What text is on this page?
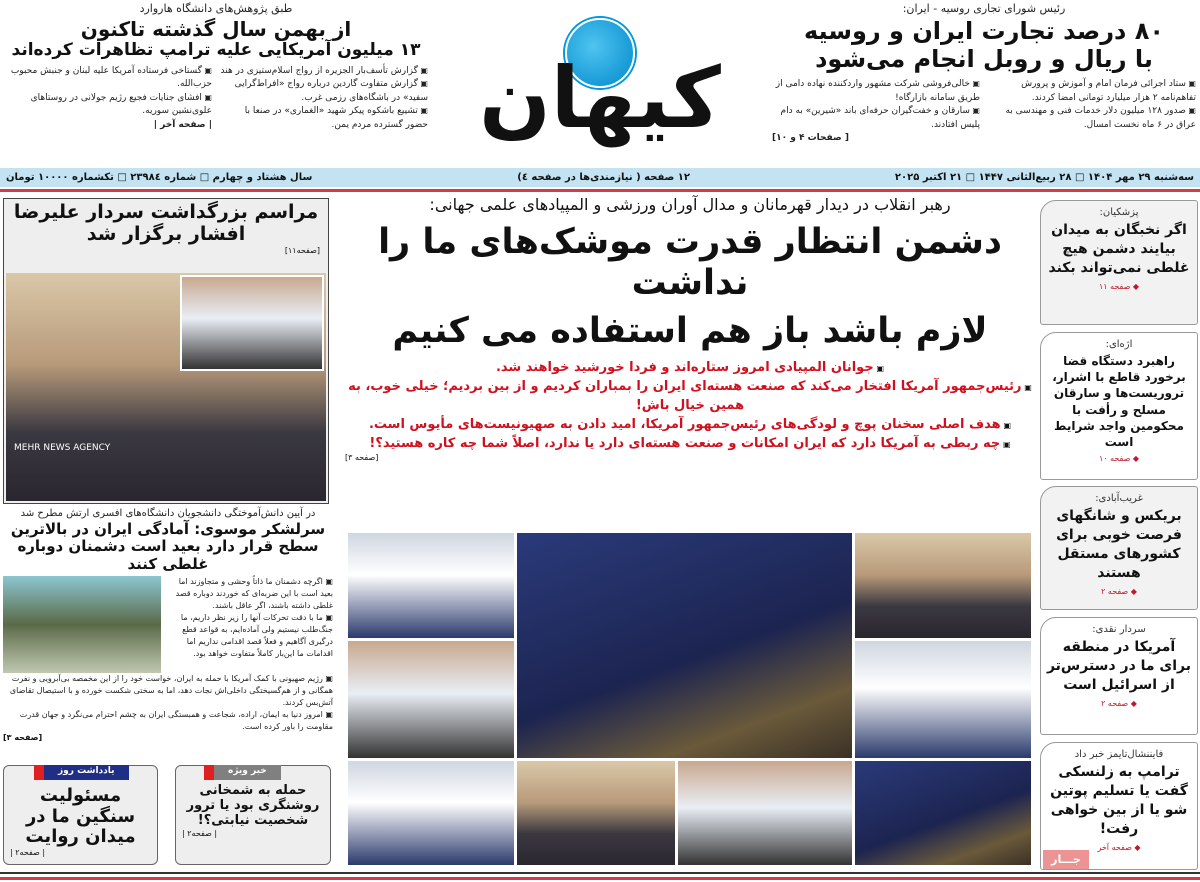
کیهان
رئیس شورای تجاری روسیه - ایران:
۸۰ درصد تجارت ایران و روسیه
با ریال و روبل انجام می‌شود
▣ ستاد اجرائی فرمان امام و آموزش و پرورش تفاهم‌نامه ۲ هزار میلیارد تومانی امضا کردند.
▣ صدور ۱۲۸ میلیون دلار خدمات فنی و مهندسی به عراق در ۶ ماه نخست امسال.
▣ خالی‌فروشی شرکت مشهور واردکننده نهاده دامی از طریق سامانه بازارگاه!
▣ سارقان و خفت‌گیران حرفه‌ای باند «شیرین» به دام پلیس افتادند.
[ صفحات ۴ و ۱۰]
طبق پژوهش‌های دانشگاه هاروارد
از بهمن سال گذشته تاکنون
۱۳ میلیون آمریکایی علیه ترامپ تظاهرات کرده‌اند
▣ گزارش تأسف‌بار الجزیره از رواج اسلام‌ستیزی در هند
▣ گزارش متفاوت گاردین درباره رواج «افراط‌گرایی سفید» در باشگاه‌های رزمی غرب.
▣ تشییع باشکوه پیکر شهید «الغماری» در صنعا با حضور گسترده مردم یمن.
▣ گستاخی فرستاده آمریکا علیه لبنان و جنبش محبوب حزب‌الله.
▣ افشای جنایات فجیع رژیم جولانی در روستاهای علوی‌نشین سوریه.
| صفحه آخر |
سه‌شنبه ۲۹ مهر ۱۴۰۴ □ ۲۸ ربیع‌الثانی ۱۴۴۷ □ ۲۱ اکتبر ۲۰۲۵
۱۲ صفحه ( نیازمندی‌ها در صفحه ٤)
سال هشتاد و چهارم □ شماره ۲۳۹۸٤ □ تکشماره ۱۰۰۰۰ تومان
رهبر انقلاب در دیدار قهرمانان و مدال آوران ورزشی و المپیادهای علمی جهانی:
دشمن انتظار قدرت موشک‌های ما را نداشت
لازم باشد باز هم استفاده می کنیم
▣ جوانان المپیادی امروز ستاره‌اند و فردا خورشید خواهند شد.
▣ رئیس‌جمهور آمریکا افتخار می‌کند که صنعت هسته‌ای ایران را بمباران کردیم و از بین بردیم؛ خیلی خوب، به همین خیال باش!
▣ هدف اصلی سخنان پوچ و لودگی‌های رئیس‌جمهور آمریکا، امید دادن به صهیونیست‌های مأیوس است.
▣ چه ربطی به آمریکا دارد که ایران امکانات و صنعت هسته‌ای دارد یا ندارد، اصلاً شما چه کاره هستید؟!
[صفحه ۳]
پزشکیان:
اگر نخبگان به میدان بیایند دشمن هیچ غلطی نمی‌تواند بکند
◆ صفحه ۱۱
اژه‌ای:
راهبرد دستگاه قضا برخورد قاطع با اشرار، تروریست‌ها و سارقان مسلح و رأفت با محکومین واجد شرایط است
◆ صفحه ۱۰
غریب‌آبادی:
بریکس و شانگهای فرصت خوبی برای کشورهای مستقل هستند
◆ صفحه ۲
سردار نقدی:
آمریکا در منطقه برای ما در دسترس‌تر از اسرائیل است
◆ صفحه ۲
فایننشال‌تایمز خبر داد
ترامپ به زلنسکی گفت یا تسلیم پوتین شو یا از بین خواهی رفت!
◆ صفحه آخر
جـــار
مراسم بزرگداشت سردار علیرضا افشار برگزار شد
[صفحه۱۱]
MEHR NEWS AGENCY
در آیین دانش‌آموختگی دانشجویان دانشگاه‌های افسری ارتش مطرح شد
سرلشکر موسوی: آمادگی ایران در بالاترین سطح قرار دارد بعید است دشمنان دوباره غلطی کنند
▣ اگرچه دشمنان ما ذاتاً وحشی و متجاوزند اما بعید است با این ضربه‌ای که خوردند دوباره قصد غلطی داشته باشند، اگر عاقل باشند.
▣ ما با دقت تحرکات آنها را زیر نظر داریم، ما جنگ‌طلب نیستیم ولی آماده‌ایم، به قواعد قطع درگیری آگاهیم و فعلاً قصد اقدامی نداریم اما اقدامات ما این‌بار کاملاً متفاوت خواهد بود.
▣ رژیم صهیونی با کمک آمریکا با حمله به ایران، خواست خود را از این مخمصه بی‌آبرویی و نفرت همگانی و از هم‌گسیختگی داخلی‌اش نجات دهد، اما به سختی شکست خورده و با استیصال تقاضای آتش‌بس کردند.
▣ امروز دنیا به ایمان، اراده، شجاعت و همبستگی ایران به چشم احترام می‌نگرد و جهان قدرت مقاومت را باور کرده است.
[صفحه ۳]
یادداشت روز
مسئولیت سنگین ما در میدان روایت
| صفحه۲ |
خبر ویژه
حمله به شمخانی روشنگری بود یا ترور شخصیت نیابتی؟!
| صفحه۲ |
